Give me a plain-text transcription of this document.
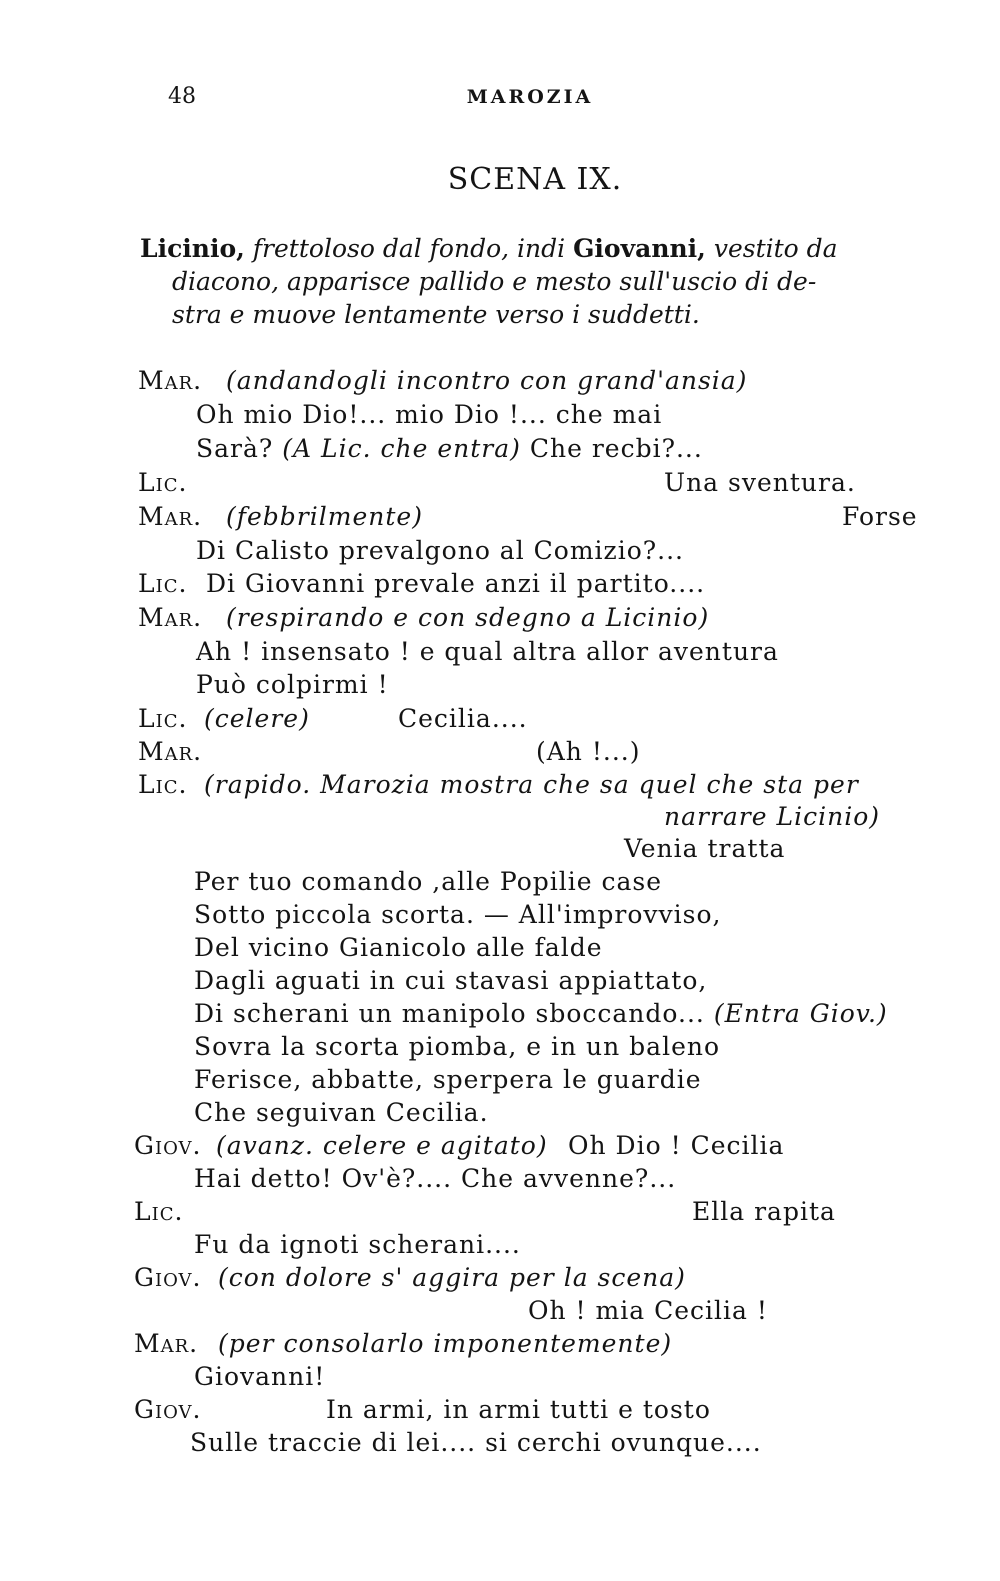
48	MAROZIA
SCENA IX.
Licinio, frettoloso dal fondo, indi Giovanni, vestito da
diacono, apparisce pallido e mesto sull'uscio di de-
stra e muove lentamente verso i suddetti.
Mar. (andandogli incontro con grand'ansia)
Oh mio Dio!... mio Dio !... che mai
Sarà? (A Lic. che entra) Che recbi?...
Lic.	Una sventura.
Mar. (febbrilmente)	Forse
Di Calisto prevalgono al Comizio?...
Lic. Di Giovanni prevale anzi il partito....
Mar. (respirando e con sdegno a Licinio)
Ah ! insensato ! e qual altra allor aventura
Può colpirmi !
Lic. (celere)	Cecilia....
Mar.	(Ah !...)
Lic. (rapido. Marozia mostra che sa quel che sta per
narrare Licinio)
Venia tratta
Per tuo comando ,alle Popilie case
Sotto piccola scorta. — All'improvviso,
Del vicino Gianicolo alle falde
Dagli aguati in cui stavasi appiattato,
Di scherani un manipolo sboccando... (Entra Giov.)
Sovra la scorta piomba, e in un baleno
Ferisce, abbatte, sperpera le guardie
Che seguivan Cecilia.
Giov. (avanz. celere e agitato) Oh Dio ! Cecilia
Hai detto! Ov'è?.... Che avvenne?...
Lic.	Ella rapita
Fu da ignoti scherani....
Giov. (con dolore s' aggira per la scena)
Oh ! mia Cecilia !
Mar. (per consolarlo imponentemente)
Giovanni!
Giov.	In armi, in armi tutti e tosto
Sulle traccie di lei.... si cerchi ovunque....
